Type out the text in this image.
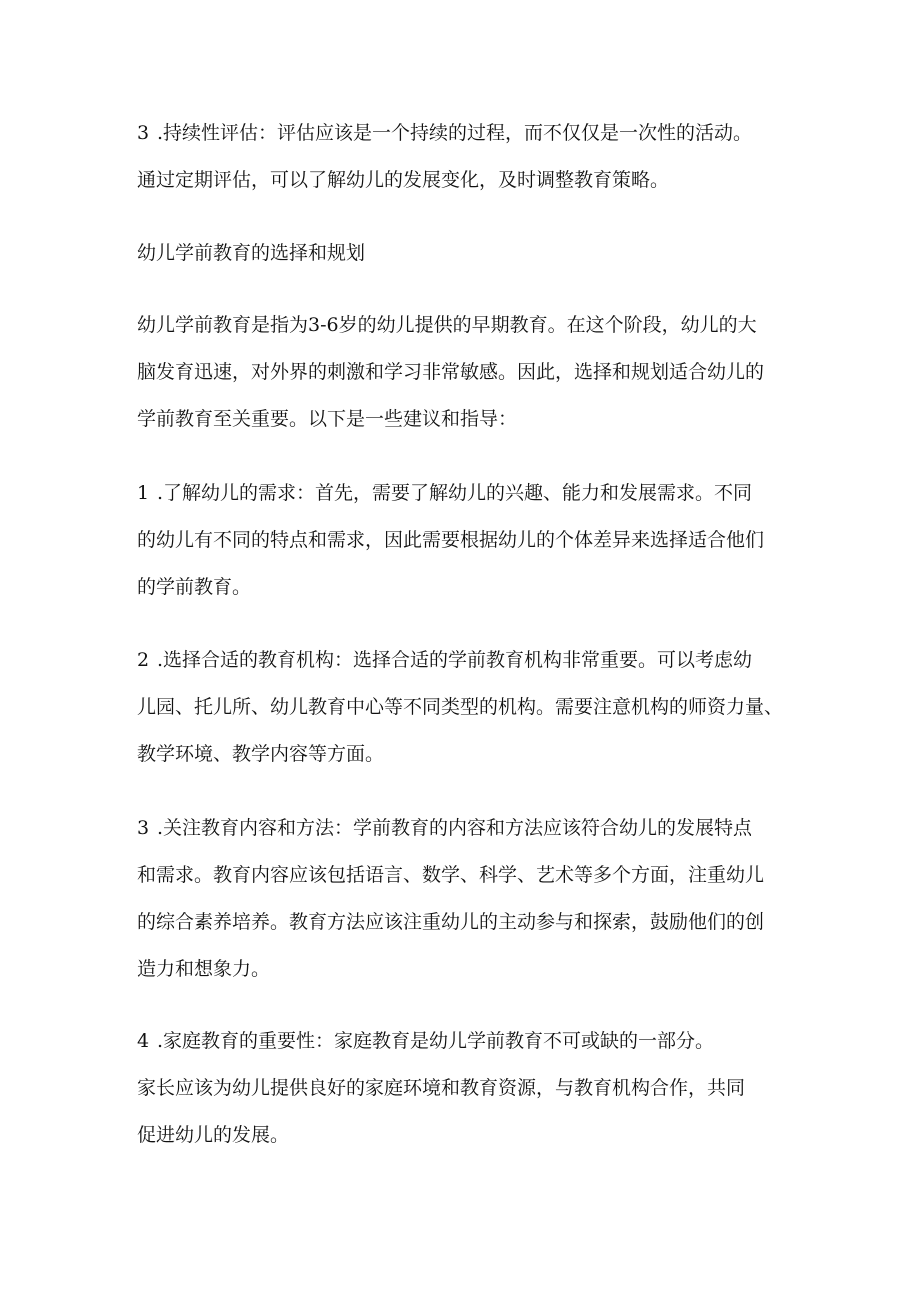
3 .持续性评估：评估应该是一个持续的过程，而不仅仅是一次性的活动。
通过定期评估，可以了解幼儿的发展变化，及时调整教育策略。

幼儿学前教育的选择和规划

幼儿学前教育是指为3-6岁的幼儿提供的早期教育。在这个阶段，幼儿的大
脑发育迅速，对外界的刺激和学习非常敏感。因此，选择和规划适合幼儿的
学前教育至关重要。以下是一些建议和指导：

1 .了解幼儿的需求：首先，需要了解幼儿的兴趣、能力和发展需求。不同
的幼儿有不同的特点和需求，因此需要根据幼儿的个体差异来选择适合他们
的学前教育。

2 .选择合适的教育机构：选择合适的学前教育机构非常重要。可以考虑幼
儿园、托儿所、幼儿教育中心等不同类型的机构。需要注意机构的师资力量、
教学环境、教学内容等方面。

3 .关注教育内容和方法：学前教育的内容和方法应该符合幼儿的发展特点
和需求。教育内容应该包括语言、数学、科学、艺术等多个方面，注重幼儿
的综合素养培养。教育方法应该注重幼儿的主动参与和探索，鼓励他们的创
造力和想象力。

4 .家庭教育的重要性：家庭教育是幼儿学前教育不可或缺的一部分。
家长应该为幼儿提供良好的家庭环境和教育资源，与教育机构合作，共同
促进幼儿的发展。
